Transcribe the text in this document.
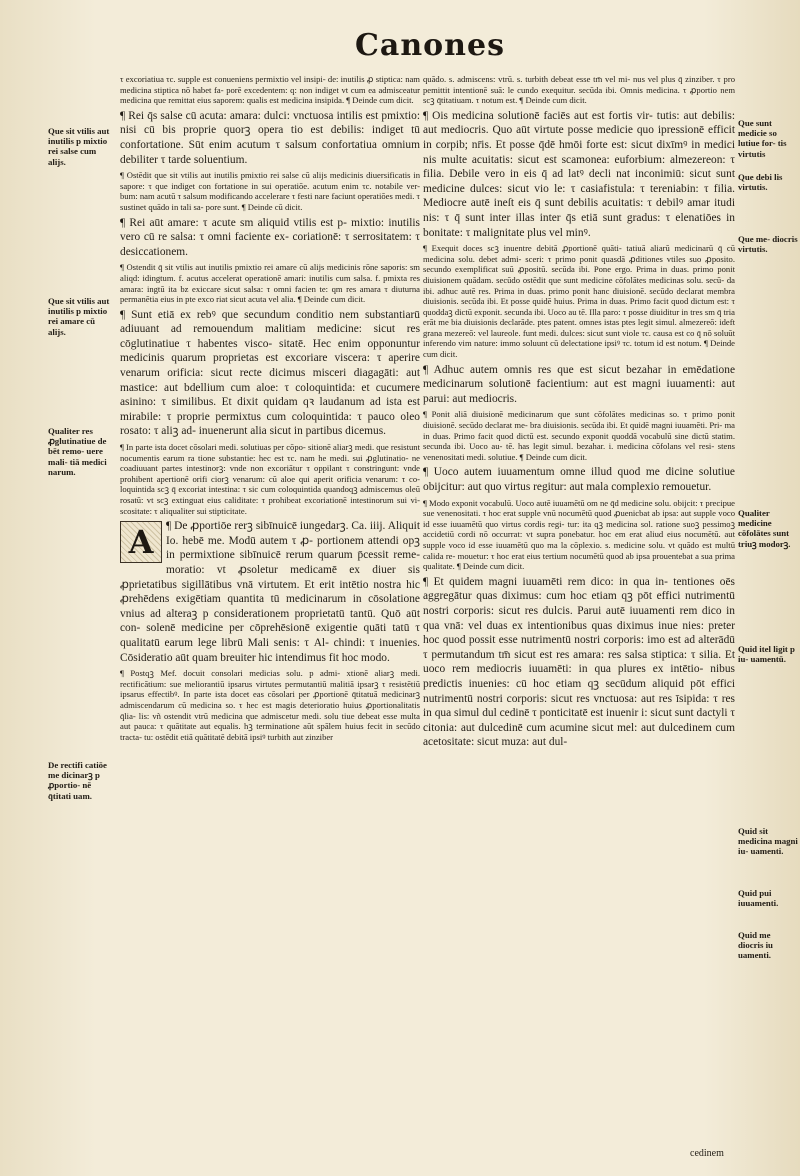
Canones

τ excoriatiua τc. supple est conueniens permixtio vel insipi- de: inutilis ꝓ stiptica: nam medicina stiptica nō habet fa- porē excedentem: q: non indiget vt cum ea admisceatur medicina que remittat eius saporem: qualis est medicina insipida. ¶ Deinde cum dicit.

¶ Rei q̄s salse cū acuta: amara: dulci: vnctuosa intilis est pmixtio: nisi cū bis proprie quorꝫ opera tio est debilis: indiget tū confortatione. Sūt enim acutum τ salsum confortatiua omnium debiliter τ tarde soluentium.

¶ Ostēdit que sit vtilis aut inutilis pmixtio rei salse cū alijs medicinis diuersificatis in sapore: τ que indiget con fortatione in sui operatiōe. acutum enim τc. notabile ver- bum: nam acutū τ salsum modificando accelerare τ festi nare faciunt operatiōes medi. τ sustinet quādo in tali sa- pore sunt. ¶ Deinde cū dicit.

¶ Rei aūt amare: τ acute sm aliquid vtilis est p- mixtio: inutilis vero cū re salsa: τ omni faciente ex- coriationē: τ serrositatem: τ desiccationem.

¶ Ostendit q̄ sit vtilis aut inutilis pmixtio rei amare cū alijs medicinis rōne saporis: sm aliqd: idingtum. f. acutus accelerat operationē amari: inutilis cum salsa. f. pmixta res amara: ingtū ita bz exiccare sicut salsa: τ omni facien te: qm res amara τ diuturna permanētia eius in pte exco riat sicut acuta vel alia. ¶ Deinde cum dicit.

¶ Sunt etiā ex rebꝰ que secundum conditio nem substantiarū adiuuant ad remouendum malitiam medicine: sicut res cōglutinatiue τ habentes visco- sitatē. Hec enim opponuntur medicinis quarum proprietas est excoriare viscera: τ aperire venarum orificia: sicut recte dicimus misceri diagagāti: aut mastice: aut bdellium cum aloe: τ coloquintida: et cucumere asinino: τ similibus. Et dixit quidam qꝛ laudanum ad ista est mirabile: τ proprie permixtus cum coloquintida: τ pauco oleo rosato: τ aliꝫ ad- inuenerunt alia sicut in partibus dicemus.

¶ In parte ista docet cōsolari medi. solutiuas per cōpo- sitionē aliarꝫ medi. que resistunt nocumentis earum ra tione substantie: hec est τc. nam he medi. sui ꝓglutinatio- ne coadiuuant partes intestinorꝫ: vnde non excoriātur τ oppilant τ constringunt: vnde prohibent apertionē orifi ciorꝫ venarum: cū aloe qui aperit orificia venarum: τ co- loquintida scꝫ q̄ excoriat intestina: τ sic cum coloquintida quandoqꝫ admiscemus oleū rosatū: vt scꝫ extinguat eius caliditate: τ prohibeat excoriationē intestinorum sui vi- scositate: τ aliqualiter sui stipticitate.

A	¶ De ꝓportiōe rerꝫ sibīnuicē iungedarꝫ. Ca. iiij. Aliquit Io. hebē me. Modū autem τ ꝓ- portionem attendi opꝫ in permixtione sibīnuicē rerum quarum p̄cessit reme- moratio: vt ꝓsoletur medicamē ex diuer sis ꝓprietatibus sigillātibus vnā virtutem. Et erit intētio nostra hic ꝓrehēdens exigētiam quantita tū medicinarum in cōsolatione vnius ad alteraꝫ p considerationem proprietatū tantū. Quō aūt con- solenē medicine per cōprehēsionē exigentie quāti tatū τ qualitatū earum lege librū Mali senis: τ Al- chindi: τ inuenies. Cōsideratio aūt quam breuiter hic intendimus fit hoc modo.

¶ Postqꝫ Mef. docuit consolari medicias solu. p admi- xtionē aliarꝫ medi. rectificātium: sue meliorantiū ipsarus virtutes permutantiū malitiā ipsarꝫ τ resistētiū ipsarus effectibꝰ. In parte ista docet eas cōsolari per ꝓportionē q̄titatuā medicinarꝫ admiscendarum cū medicina so. τ hec est magis deterioratio huius ꝓportionalitatis q̄lia- lis: vñ ostendit vtrū medicina que admiscetur medi. solu tiue debeat esse multa aut pauca: τ quātitate aut equalis. hꝫ terminatione aūt spālem huius fecit in secūdo tracta- tu: ostēdit etiā quātitatē debitā ipsiꝰ turbith aut zinziber

quādo. s. admiscens: vtrū. s. turbith debeat esse tm̄ vel mi- nus vel plus q̄ zinziber. τ pro pemittit intentionē suā: le cundo exequitur. secūda ibi. Omnis medicina. τ ꝓportio nem scꝫ q̄titatiuam. τ notum est. ¶ Deinde cum dicit.

¶ Ois medicina solutionē faciēs aut est fortis vir- tutis: aut debilis: aut mediocris. Quo aūt virtute posse medicie quo ipressionē efficit in corpib; nr̄is. Et posse q̄dē hmōi forte est: sicut dixīmꝰ in medici nis multe acuitatis: sicut est scamonea: euforbium: almezereon: τ filia. Debile vero in eis q̄ ad latꝰ decli nat inconimiū: sicut sunt medicine dulces: sicut vio le: τ casiafistula: τ tereniabin: τ filia. Mediocre autē ineſt eis q̄ sunt debilis acuitatis: τ debilꝰ amar itudi nis: τ q̄ sunt inter illas inter q̄s etiā sunt gradus: τ elenatiōes in bonitate: τ malignitate plus vel minꝰ.

¶ Exequit doces scꝫ inuentre debitā ꝓportionē quāti- tatiuā aliarū medicinarū q̄ cū medicina solu. debet admi- sceri: τ primo ponit quasdā ꝓditiones vtiles suo ꝓposito. secundo exemplificat suū ꝓpositū. secūda ibi. Pone ergo. Prima in duas. primo ponit diuisionem quādam. secūdo ostēdit que sunt medicine cōfolātes medicinas solu. secū- da ibi. adhuc autē res. Prima in duas. primo ponit hanc diuisionē. secūdo declarat membra diuisionis. secūda ibi. Et posse quidē huius. Prima in duas. Primo facit quod dictum est: τ quoddaꝫ dictū exponit. secunda ibi. Uoco au tē. Illa paro: τ posse diuiditur in tres sm q̄ tria erāt me bia diuisionis declarāde. ptes patent. omnes istas ptes legit simul. almezereō: ideft grana mezereō: vel laureole. funt medi. dulces: sicut sunt viole τc. causa est co q̄ nō soluūt inferendo vim nature: immo soluunt cū delectatione ipsiꝰ τc. totum id est notum. ¶ Deinde cum dicit.

¶ Adhuc autem omnis res que est sicut bezahar in emēdatione medicinarum solutionē facientium: aut est magni iuuamenti: aut parui: aut mediocris.

¶ Ponit aliā diuisionē medicinarum que sunt cōfolātes medicinas so. τ primo ponit diuisionē. secūdo declarat me- bra diuisionis. secūda ibi. Et quidē magni iuuamēti. Pri- ma in duas. Primo facit quod dictū est. secundo exponit quoddā vocabulū sine dictū statim. secunda ibi. Uoco au- tē. has legit simul. bezahar. i. medicina cōfolans vel resi- stens venenositati medi. solutiue. ¶ Deinde cum dicit.

¶ Uoco autem iuuamentum omne illud quod me dicine solutiue obijcitur: aut quo virtus regitur: aut mala complexio remouetur.

¶ Modo exponit vocabulū. Uoco autē iuuamētū om ne q̄d medicine solu. obijcit: τ precipue sue venenositati. τ hoc erat supple vnū nocumētū quod ꝓuenicbat ab ipsa: aut supple voco id esse iuuamētū quo virtus cordis regi- tur: ita qꝫ medicina sol. ratione suoꝫ pessimoꝫ accidetiū cordi nō occurrat: vt supra ponebatur. hoc em erat aliud eius nocumētū. aut supple voco id esse iuuamētū quo ma la cōplexio. s. medicine solu. vt quādo est multū calida re- mouetur: τ hoc erat eius tertium nocumētū quod ab ipsa prouentebat a sua prima qualitate. ¶ Deinde cum dicit.

¶ Et quidem magni iuuamēti rem dico: in qua in- tentiones oēs aggregātur quas diximus: cum hoc etiam qꝫ pōt effici nutrimentū nostri corporis: sicut res dulcis. Parui autē iuuamenti rem dico in qua vnā: vel duas ex intentionibus quas diximus inue nies: preter hoc quod possit esse nutrimentū nostri corporis: imo est ad alterādū τ permutandum tm̄ sicut est res amara: res salsa stiptica: τ silia. Et uoco rem mediocris iuuamēti: in qua plures ex intētio- nibus predictis inuenies: cū hoc etiam qꝫ secūdum aliquid pōt effici nutrimentū nostri corporis: sicut res vnctuosa: aut res īsipida: τ res in qua simul dul cedinē τ ponticitatē est inuenir i: sicut sunt dactyli τ citonia: aut dulcedinē cum acumine sicut mel: aut dulcedinem cum acetositate: sicut muza: aut dul-

Que sit vtilis aut inutilis p mixtio rei salse cum alijs.
Que sit vtilis aut inutilis p mixtio rei amare cū alijs.
Qualiter res ꝓglutinatiue de bēt remo- uere mali- tiā medici narum.
De rectifi catiōe me dicinarꝫ p ꝓportio- nē q̄titati uam.
Que sunt medicie so lutiue for- tis virtutis
Que debi lis virtutis.
Que me- diocris virtutis.
Qualiter medicine cōfolātes sunt triuꝫ modorꝫ.
Quid itel ligit p iu- uamentū.
Quid sit medicina magni iu- uamenti.
Quid pui iuuamenti.
Quid me diocris iu uamenti.
cedinem
